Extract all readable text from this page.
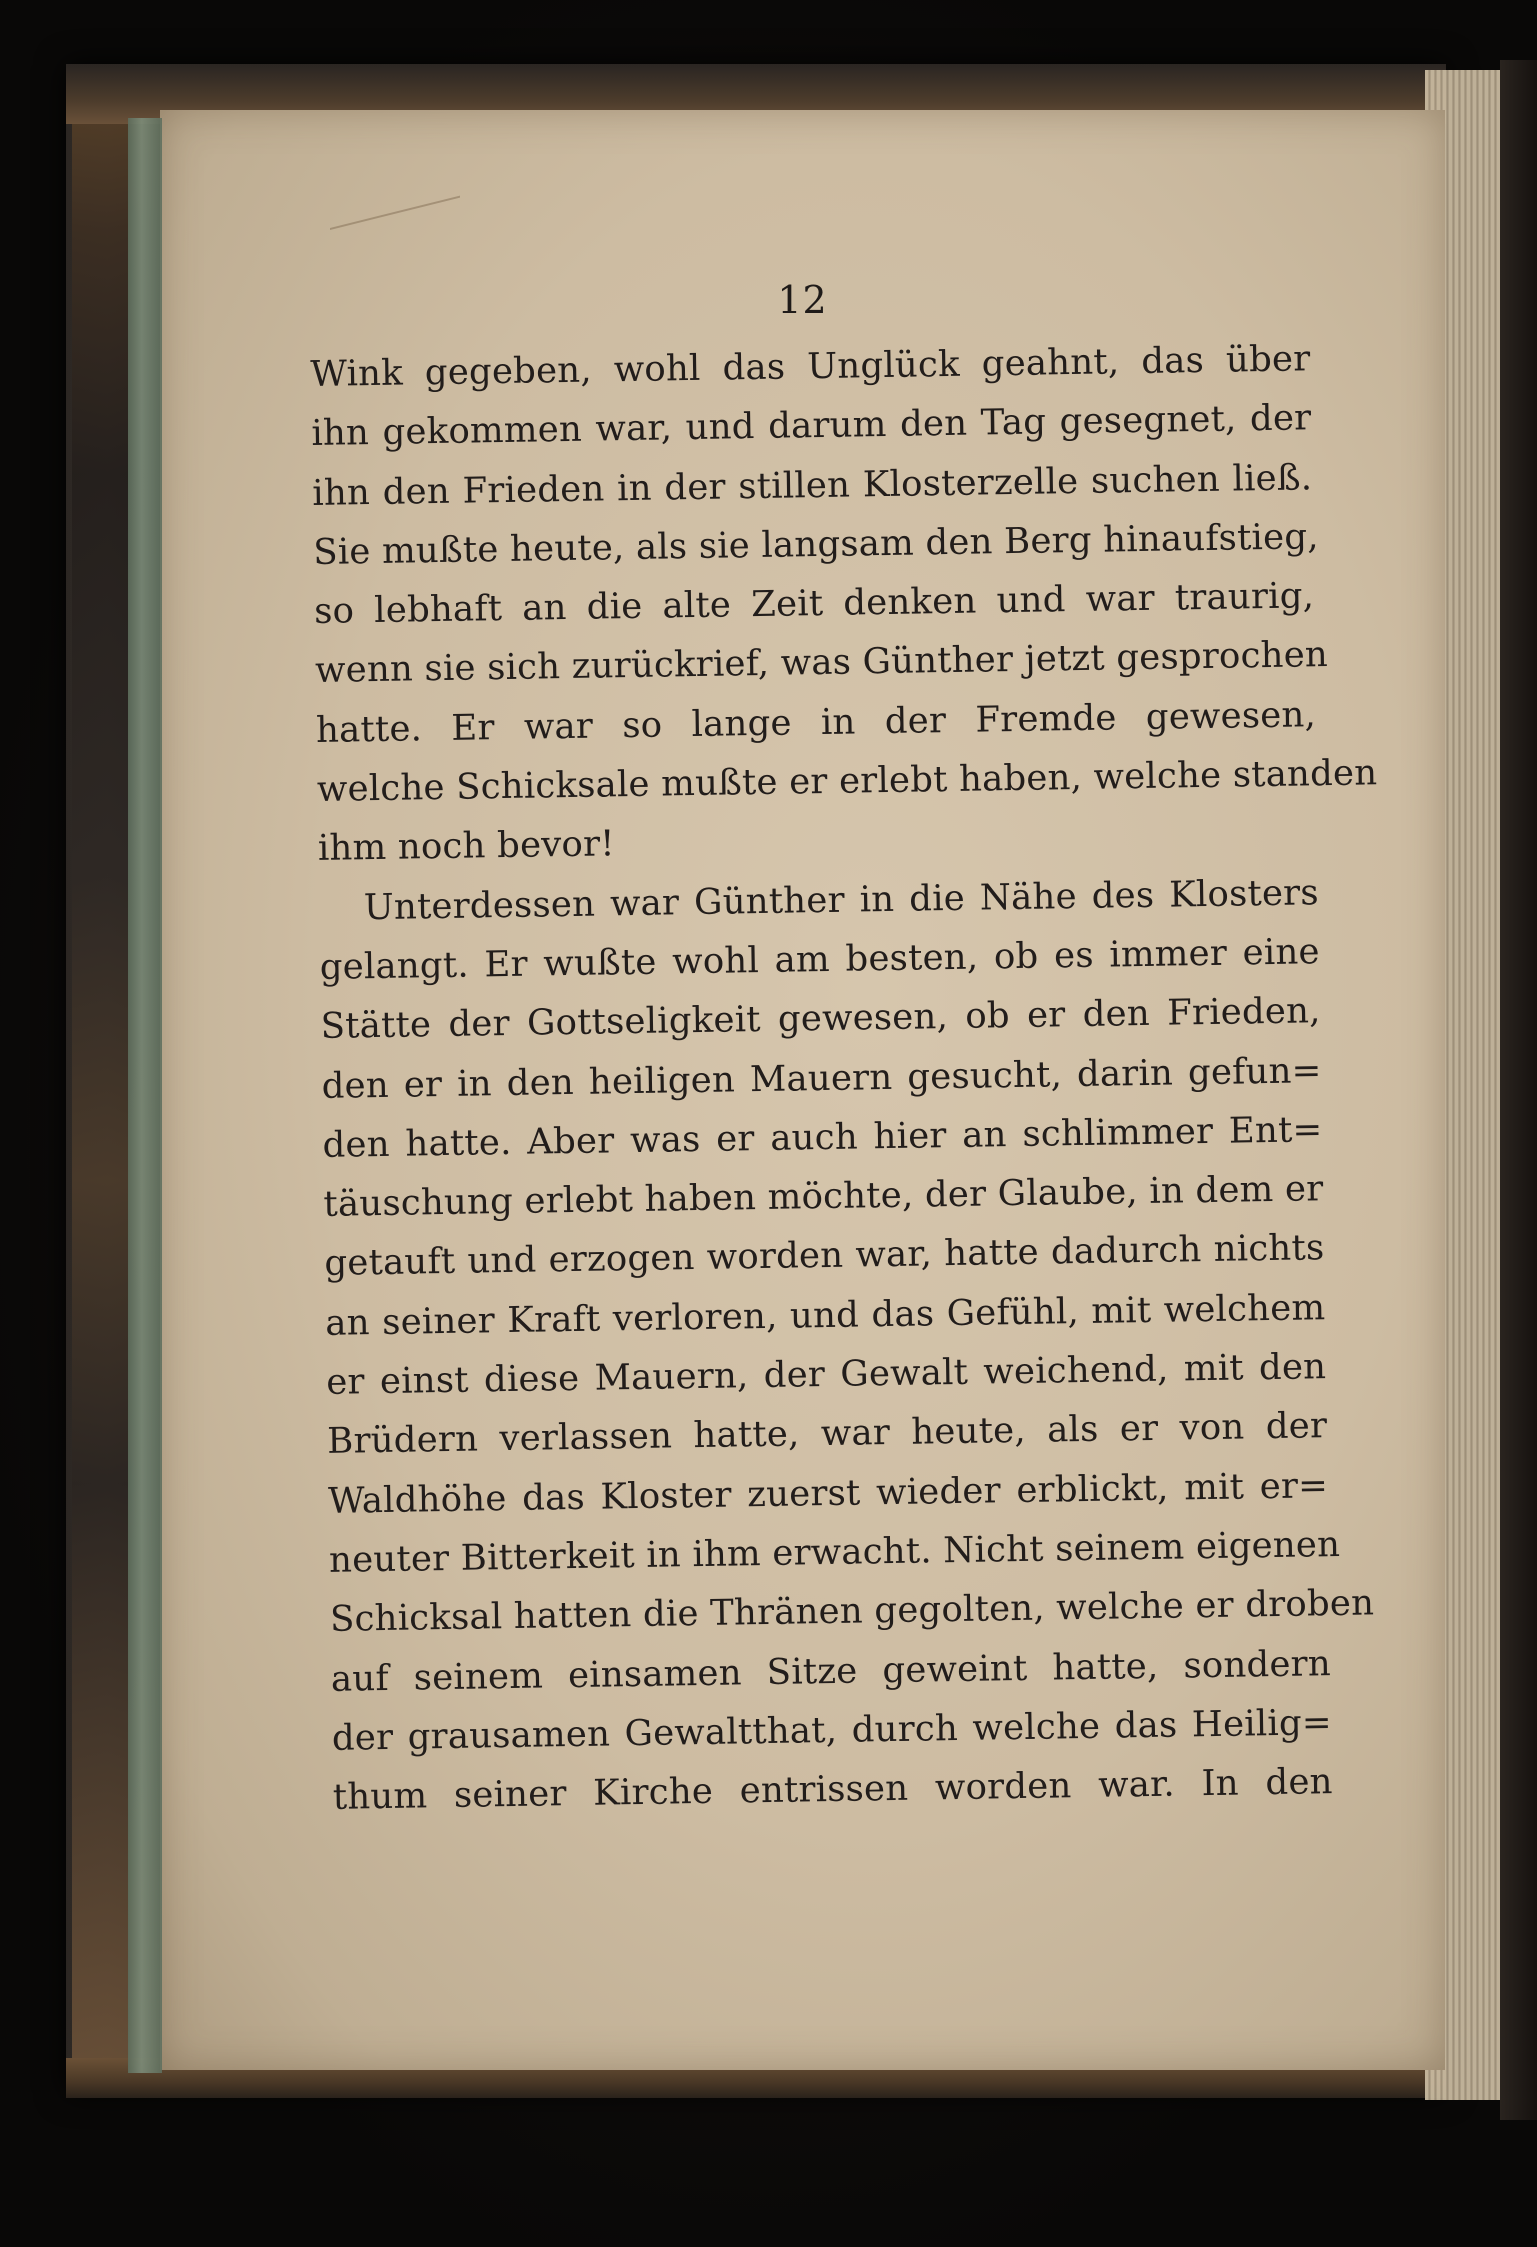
12
Wink gegeben, wohl das Unglück geahnt, das über
ihn gekommen war, und darum den Tag gesegnet, der
ihn den Frieden in der stillen Klosterzelle suchen ließ.
Sie mußte heute, als sie langsam den Berg hinaufstieg,
so lebhaft an die alte Zeit denken und war traurig,
wenn sie sich zurückrief, was Günther jetzt gesprochen
hatte. Er war so lange in der Fremde gewesen,
welche Schicksale mußte er erlebt haben, welche standen
ihm noch bevor!
Unterdessen war Günther in die Nähe des Klosters
gelangt. Er wußte wohl am besten, ob es immer eine
Stätte der Gottseligkeit gewesen, ob er den Frieden,
den er in den heiligen Mauern gesucht, darin gefun=
den hatte. Aber was er auch hier an schlimmer Ent=
täuschung erlebt haben möchte, der Glaube, in dem er
getauft und erzogen worden war, hatte dadurch nichts
an seiner Kraft verloren, und das Gefühl, mit welchem
er einst diese Mauern, der Gewalt weichend, mit den
Brüdern verlassen hatte, war heute, als er von der
Waldhöhe das Kloster zuerst wieder erblickt, mit er=
neuter Bitterkeit in ihm erwacht. Nicht seinem eigenen
Schicksal hatten die Thränen gegolten, welche er droben
auf seinem einsamen Sitze geweint hatte, sondern
der grausamen Gewaltthat, durch welche das Heilig=
thum seiner Kirche entrissen worden war. In den
